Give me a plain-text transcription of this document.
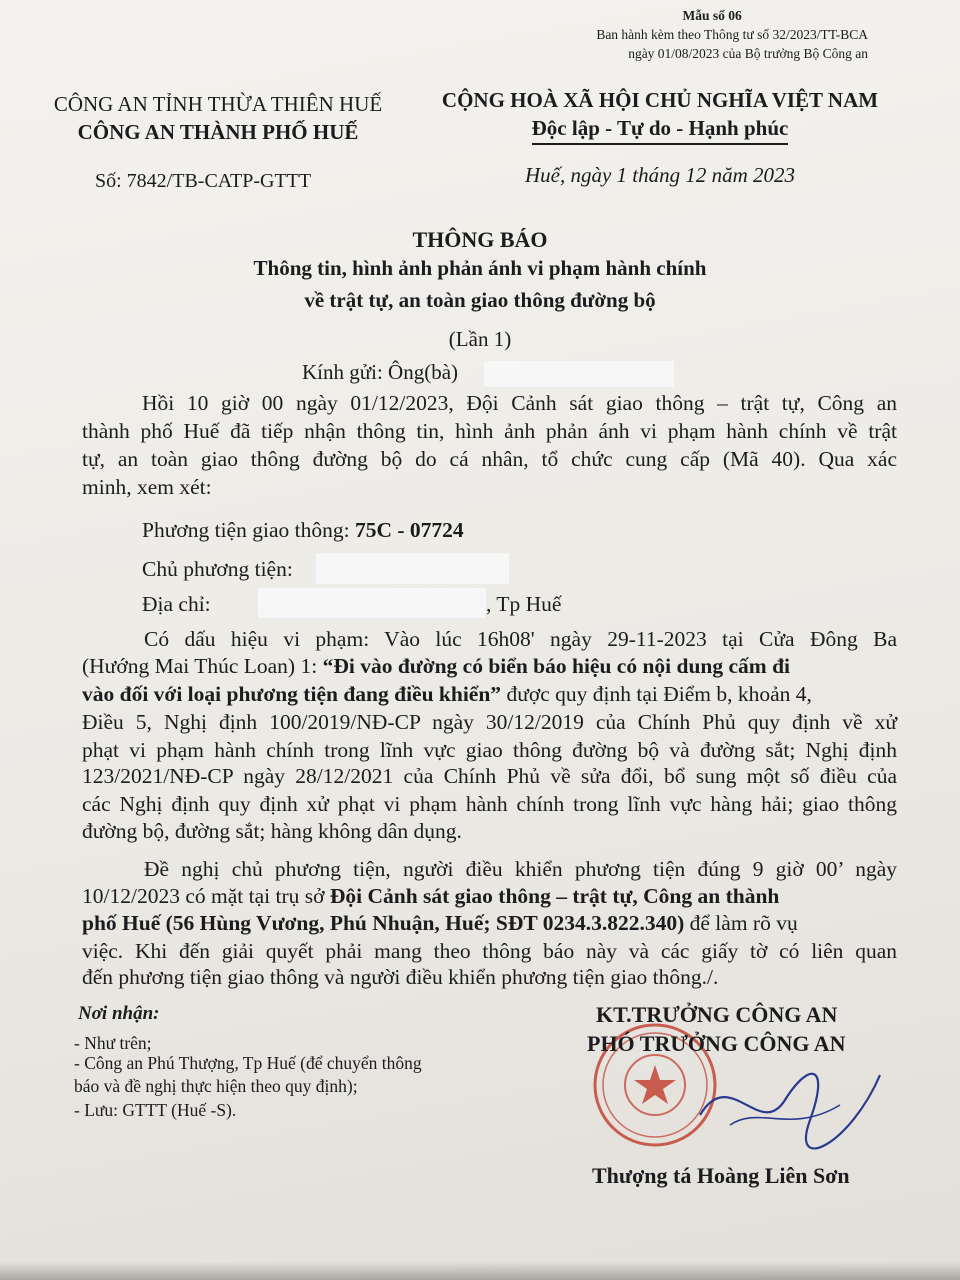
Mẫu số 06
Ban hành kèm theo Thông tư số 32/2023/TT-BCA
ngày 01/08/2023 của Bộ trưởng Bộ Công an
CÔNG AN TỈNH THỪA THIÊN HUẾ
CÔNG AN THÀNH PHỐ HUẾ
CỘNG HOÀ XÃ HỘI CHỦ NGHĨA VIỆT NAM
Độc lập - Tự do - Hạnh phúc
Số: 7842/TB-CATP-GTTT	Huế, ngày 1 tháng 12 năm 2023
THÔNG BÁO
Thông tin, hình ảnh phản ánh vi phạm hành chính
về trật tự, an toàn giao thông đường bộ
(Lần 1)
Kính gửi: Ông(bà)
Hồi 10 giờ 00 ngày 01/12/2023, Đội Cảnh sát giao thông – trật tự, Công an
thành phố Huế đã tiếp nhận thông tin, hình ảnh phản ánh vi phạm hành chính về trật
tự, an toàn giao thông đường bộ do cá nhân, tổ chức cung cấp (Mã 40). Qua xác
minh, xem xét:
Phương tiện giao thông: 75C - 07724
Chủ phương tiện:
Địa chỉ:	, Tp Huế
Có dấu hiệu vi phạm: Vào lúc 16h08' ngày 29-11-2023 tại Cửa Đông Ba
(Hướng Mai Thúc Loan) 1: “Đi vào đường có biển báo hiệu có nội dung cấm đi
vào đối với loại phương tiện đang điều khiển” được quy định tại Điểm b, khoản 4,
Điều 5, Nghị định 100/2019/NĐ-CP ngày 30/12/2019 của Chính Phủ quy định về xử
phạt vi phạm hành chính trong lĩnh vực giao thông đường bộ và đường sắt; Nghị định
123/2021/NĐ-CP ngày 28/12/2021 của Chính Phủ về sửa đổi, bổ sung một số điều của
các Nghị định quy định xử phạt vi phạm hành chính trong lĩnh vực hàng hải; giao thông
đường bộ, đường sắt; hàng không dân dụng.
Đề nghị chủ phương tiện, người điều khiển phương tiện đúng 9 giờ 00’ ngày
10/12/2023 có mặt tại trụ sở Đội Cảnh sát giao thông – trật tự, Công an thành
phố Huế (56 Hùng Vương, Phú Nhuận, Huế; SĐT 0234.3.822.340) để làm rõ vụ
việc. Khi đến giải quyết phải mang theo thông báo này và các giấy tờ có liên quan
đến phương tiện giao thông và người điều khiển phương tiện giao thông./.
Nơi nhận:
- Như trên;
- Công an Phú Thượng, Tp Huế (để chuyển thông
báo và đề nghị thực hiện theo quy định);
- Lưu: GTTT (Huế -S).
KT.TRƯỞNG CÔNG AN
PHÓ TRƯỞNG CÔNG AN
Thượng tá Hoàng Liên Sơn
